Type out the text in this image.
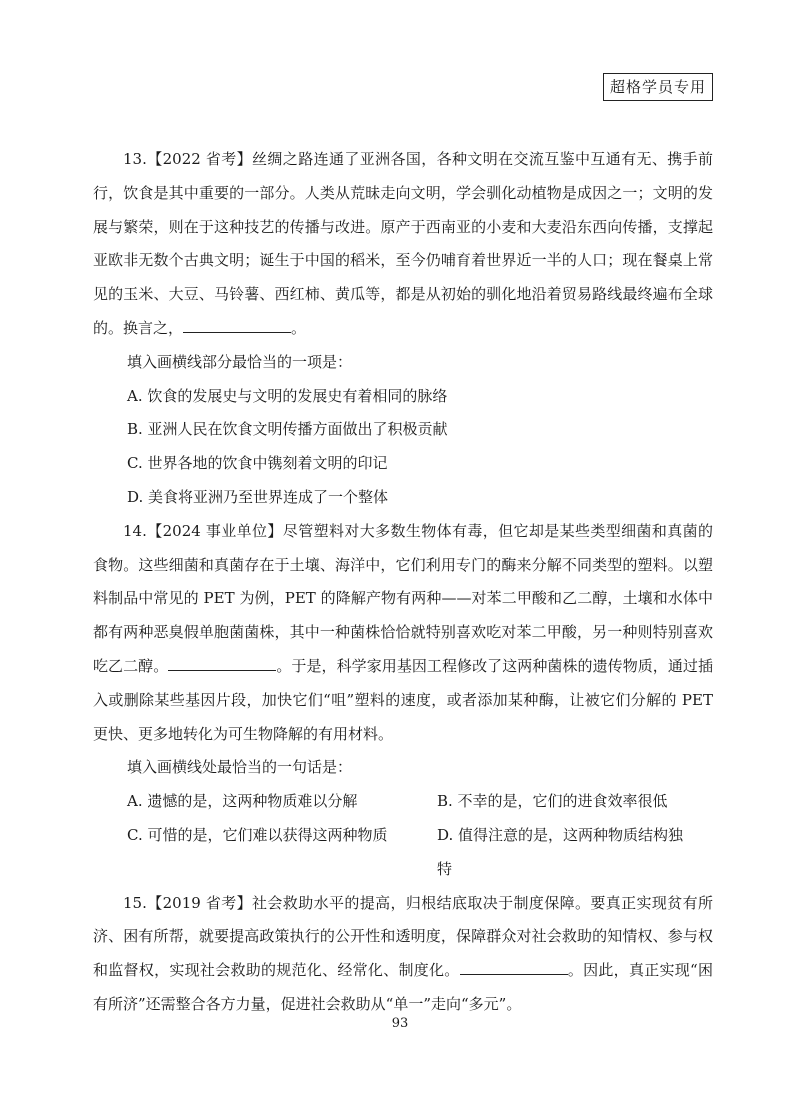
超格学员专用

13.【2022 省考】丝绸之路连通了亚洲各国，各种文明在交流互鉴中互通有无、携手前行，饮食是其中重要的一部分。人类从荒昧走向文明，学会驯化动植物是成因之一；文明的发展与繁荣，则在于这种技艺的传播与改进。原产于西南亚的小麦和大麦沿东西向传播，支撑起亚欧非无数个古典文明；诞生于中国的稻米，至今仍哺育着世界近一半的人口；现在餐桌上常见的玉米、大豆、马铃薯、西红柿、黄瓜等，都是从初始的驯化地沿着贸易路线最终遍布全球的。换言之，	。

填入画横线部分最恰当的一项是：

A. 饮食的发展史与文明的发展史有着相同的脉络

B. 亚洲人民在饮食文明传播方面做出了积极贡献

C. 世界各地的饮食中镌刻着文明的印记

D. 美食将亚洲乃至世界连成了一个整体

14.【2024 事业单位】尽管塑料对大多数生物体有毒，但它却是某些类型细菌和真菌的食物。这些细菌和真菌存在于土壤、海洋中，它们利用专门的酶来分解不同类型的塑料。以塑料制品中常见的 PET 为例，PET 的降解产物有两种——对苯二甲酸和乙二醇，土壤和水体中都有两种恶臭假单胞菌菌株，其中一种菌株恰恰就特别喜欢吃对苯二甲酸，另一种则特别喜欢吃乙二醇。	。于是，科学家用基因工程修改了这两种菌株的遗传物质，通过插入或删除某些基因片段，加快它们“咀”塑料的速度，或者添加某种酶，让被它们分解的 PET 更快、更多地转化为可生物降解的有用材料。

填入画横线处最恰当的一句话是：

A. 遗憾的是，这两种物质难以分解	B. 不幸的是，它们的进食效率很低
C. 可惜的是，它们难以获得这两种物质	D. 值得注意的是，这两种物质结构独特

15.【2019 省考】社会救助水平的提高，归根结底取决于制度保障。要真正实现贫有所济、困有所帮，就要提高政策执行的公开性和透明度，保障群众对社会救助的知情权、参与权和监督权，实现社会救助的规范化、经常化、制度化。	。因此，真正实现“困有所济”还需整合各方力量，促进社会救助从“单一”走向“多元”。

93
